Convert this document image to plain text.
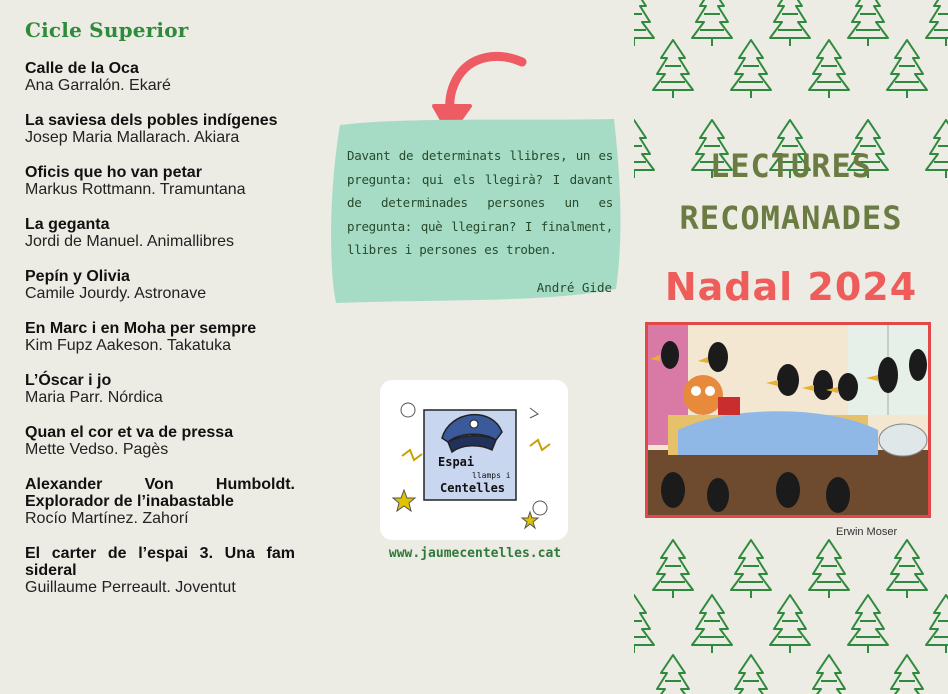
Cicle Superior
Calle de la Oca
Ana Garralón. Ekaré
La saviesa dels pobles indígenes
Josep Maria Mallarach. Akiara
Oficis que ho van petar
Markus Rottmann. Tramuntana
La geganta
Jordi de Manuel. Animallibres
Pepín y Olivia
Camile Jourdy. Astronave
En Marc i en Moha per sempre
Kim Fupz Aakeson. Takatuka
L’Óscar i jo
Maria Parr. Nórdica
Quan el cor et va de pressa
Mette Vedso. Pagès
Alexander Von Humboldt. Explorador de l’inabastable
Rocío Martínez. Zahorí
El carter de l’espai 3. Una fam sideral
Guillaume Perreault. Joventut
Davant de determinats llibres, un es pregunta: qui els llegirà? I davant de determinades persones un es pregunta: què llegiran? I finalment, llibres i persones es troben.
André Gide
Espai
llamps i
Centelles
www.jaumecentelles.cat
LECTURES
RECOMANADES
Nadal 2024
Erwin Moser
